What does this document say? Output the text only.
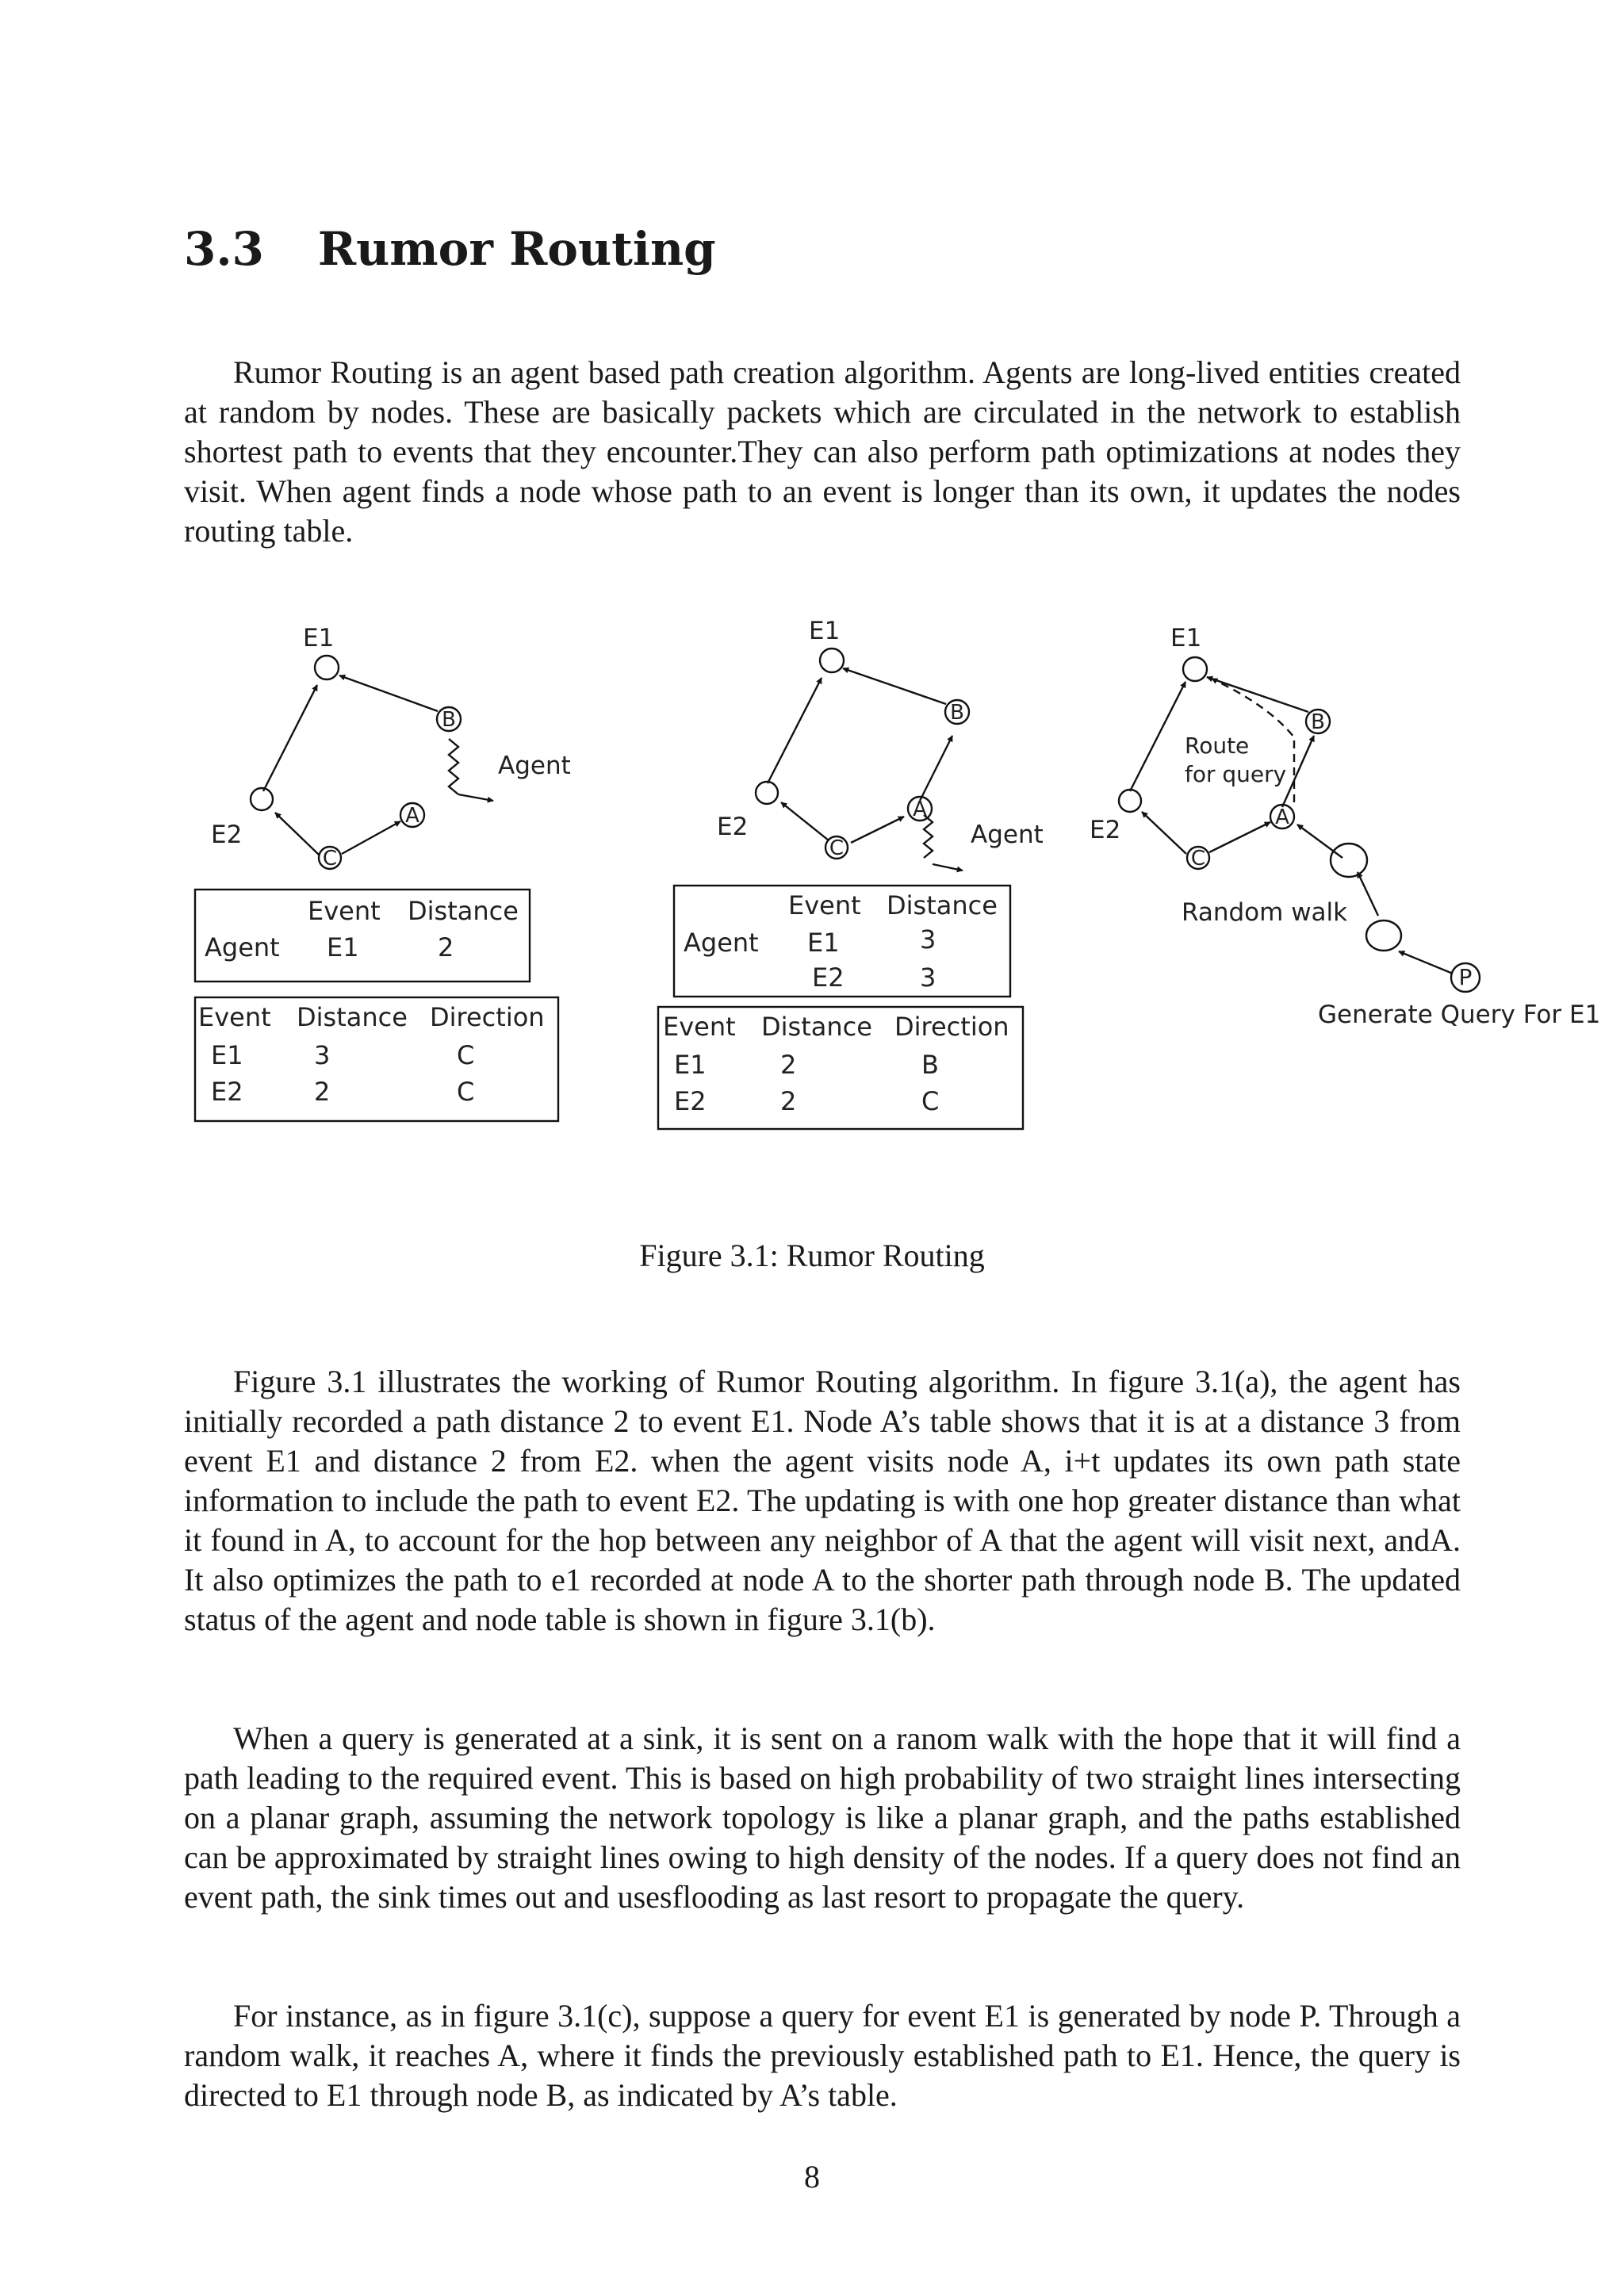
3.3 Rumor Routing

Rumor Routing is an agent based path creation algorithm. Agents are long-lived entities created at random by nodes. These are basically packets which are circulated in the network to establish shortest path to events that they encounter.They can also perform path optimizations at nodes they visit. When agent finds a node whose path to an event is longer than its own, it updates the nodes routing table.

E1
E2
Agent
B
A
C
Event Distance
Agent E1	2
Event Distance Direction
E1	3	C
E2	2	C
E1
E2	Agent
B
A
C
Event Distance
Agent E1	3
E2	3
Event Distance Direction
E1	2	B
E2	2	C
E1
E2
Route
for query
Random walk
Generate Query For E1
B
A
C
P

Figure 3.1: Rumor Routing

Figure 3.1 illustrates the working of Rumor Routing algorithm. In figure 3.1(a), the agent has initially recorded a path distance 2 to event E1. Node A’s table shows that it is at a distance 3 from event E1 and distance 2 from E2. when the agent visits node A, i+t updates its own path state information to include the path to event E2. The updating is with one hop greater distance than what it found in A, to account for the hop between any neighbor of A that the agent will visit next, andA. It also optimizes the path to e1 recorded at node A to the shorter path through node B. The updated status of the agent and node table is shown in figure 3.1(b).

When a query is generated at a sink, it is sent on a ranom walk with the hope that it will find a path leading to the required event. This is based on high probability of two straight lines intersecting on a planar graph, assuming the network topology is like a planar graph, and the paths established can be approximated by straight lines owing to high density of the nodes. If a query does not find an event path, the sink times out and usesflooding as last resort to propagate the query.

For instance, as in figure 3.1(c), suppose a query for event E1 is generated by node P. Through a random walk, it reaches A, where it finds the previously established path to E1. Hence, the query is directed to E1 through node B, as indicated by A’s table.

8
